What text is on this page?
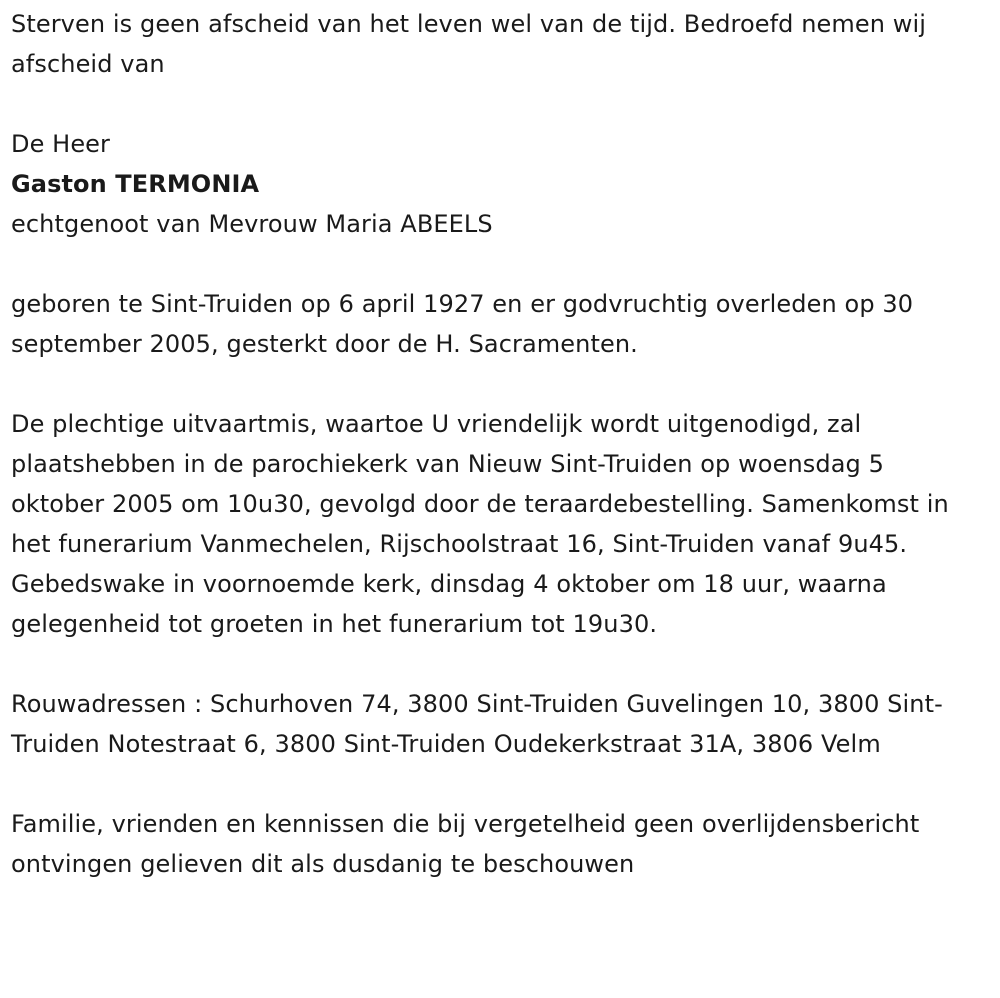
Sterven is geen afscheid van het leven wel van de tijd. Bedroefd nemen wij afscheid van

De Heer

Gaston TERMONIA

echtgenoot van Mevrouw Maria ABEELS

geboren te Sint-Truiden op 6 april 1927 en er godvruchtig overleden op 30 september 2005, gesterkt door de H. Sacramenten.

De plechtige uitvaartmis, waartoe U vriendelijk wordt uitgenodigd, zal plaatshebben in de parochiekerk van Nieuw Sint-Truiden op woensdag 5 oktober 2005 om 10u30, gevolgd door de teraardebestelling. Samenkomst in het funerarium Vanmechelen, Rijschoolstraat 16, Sint-Truiden vanaf 9u45. Gebedswake in voornoemde kerk, dinsdag 4 oktober om 18 uur, waarna gelegenheid tot groeten in het funerarium tot 19u30.

Rouwadressen : Schurhoven 74, 3800 Sint-Truiden Guvelingen 10, 3800 Sint-Truiden Notestraat 6, 3800 Sint-Truiden Oudekerkstraat 31A, 3806 Velm

Familie, vrienden en kennissen die bij vergetelheid geen overlijdensbericht ontvingen gelieven dit als dusdanig te beschouwen
